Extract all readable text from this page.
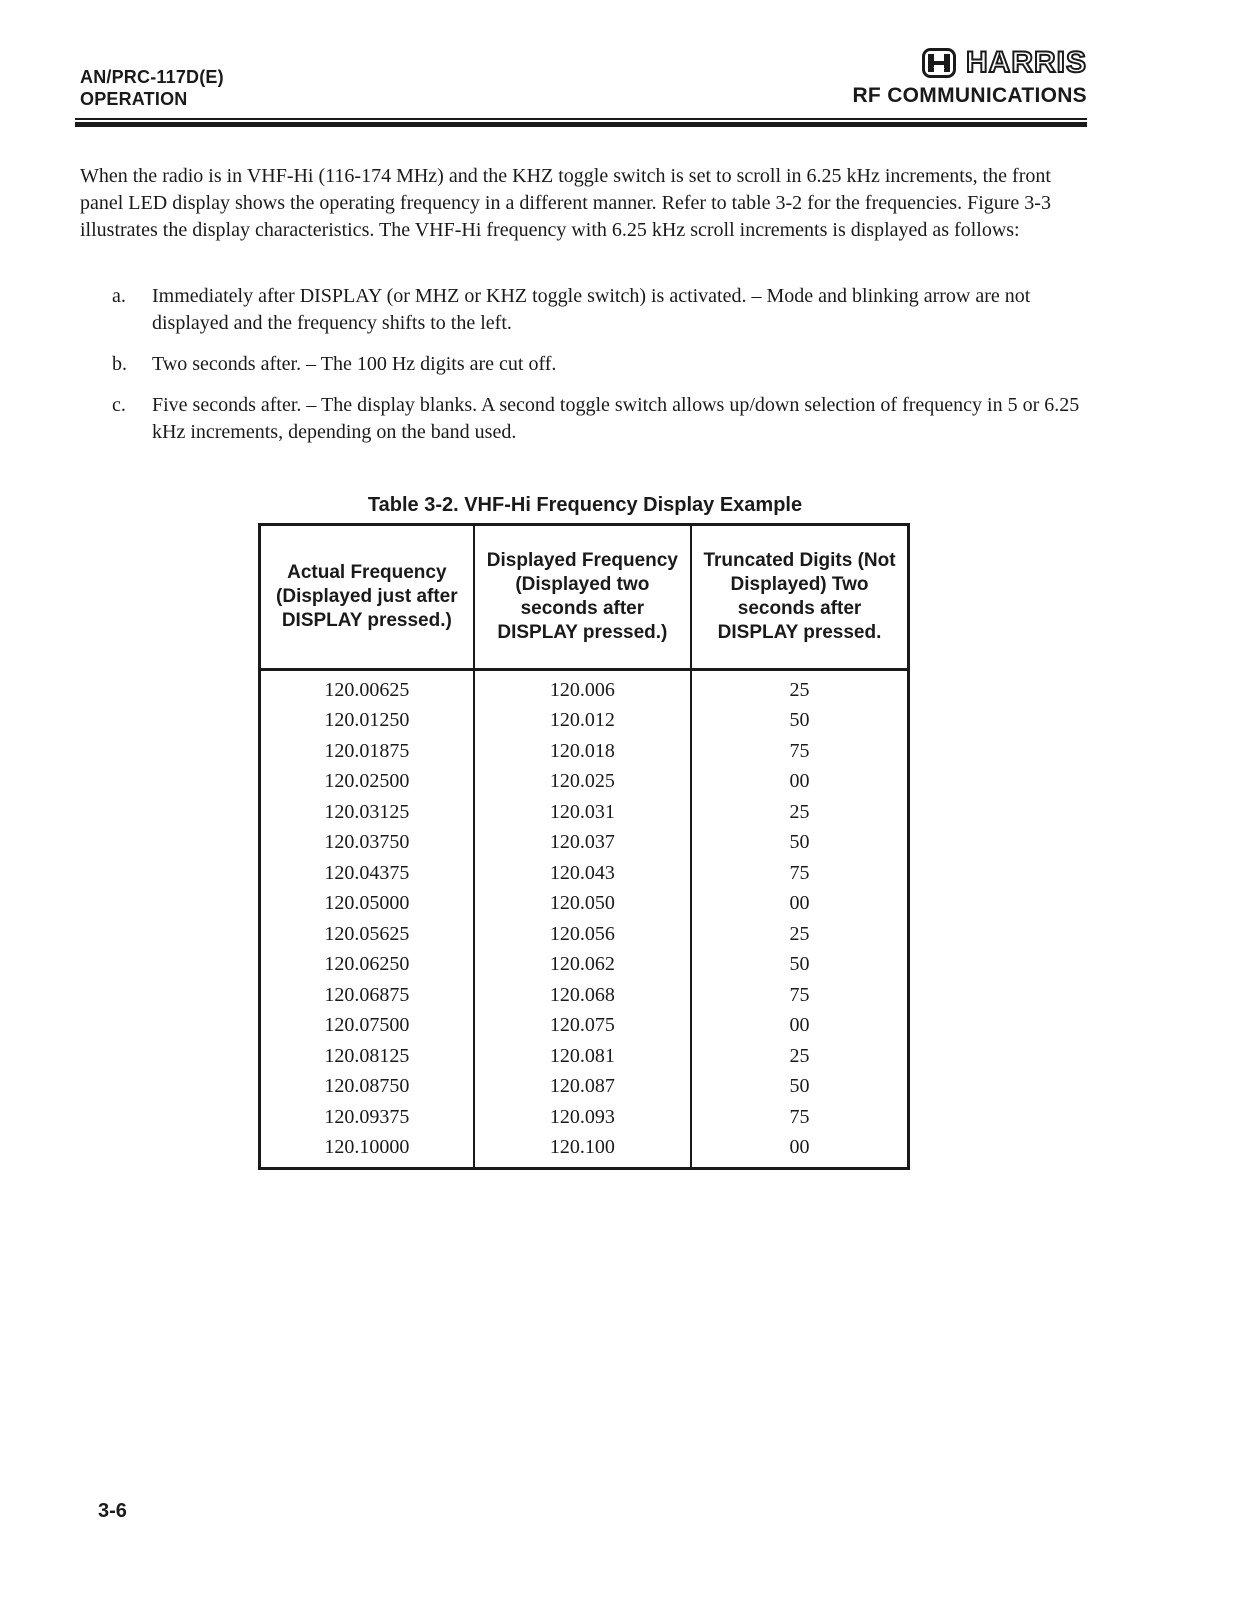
AN/PRC-117D(E)
OPERATION
HARRIS
RF COMMUNICATIONS
When the radio is in VHF-Hi (116-174 MHz) and the KHZ toggle switch is set to scroll in 6.25 kHz increments, the front panel LED display shows the operating frequency in a different manner. Refer to table 3-2 for the frequencies. Figure 3-3 illustrates the display characteristics. The VHF-Hi frequency with 6.25 kHz scroll increments is displayed as follows:
a.	Immediately after DISPLAY (or MHZ or KHZ toggle switch) is activated. – Mode and blinking arrow are not displayed and the frequency shifts to the left.
b.	Two seconds after. – The 100 Hz digits are cut off.
c.	Five seconds after. – The display blanks. A second toggle switch allows up/down selection of frequency in 5 or 6.25 kHz increments, depending on the band used.
Table 3-2. VHF-Hi Frequency Display Example
Actual Frequency (Displayed just after DISPLAY pressed.)	Displayed Frequency (Displayed two seconds after DISPLAY pressed.)	Truncated Digits (Not Displayed) Two seconds after DISPLAY pressed.
120.00625	120.006	25
120.01250	120.012	50
120.01875	120.018	75
120.02500	120.025	00
120.03125	120.031	25
120.03750	120.037	50
120.04375	120.043	75
120.05000	120.050	00
120.05625	120.056	25
120.06250	120.062	50
120.06875	120.068	75
120.07500	120.075	00
120.08125	120.081	25
120.08750	120.087	50
120.09375	120.093	75
120.10000	120.100	00
3-6
